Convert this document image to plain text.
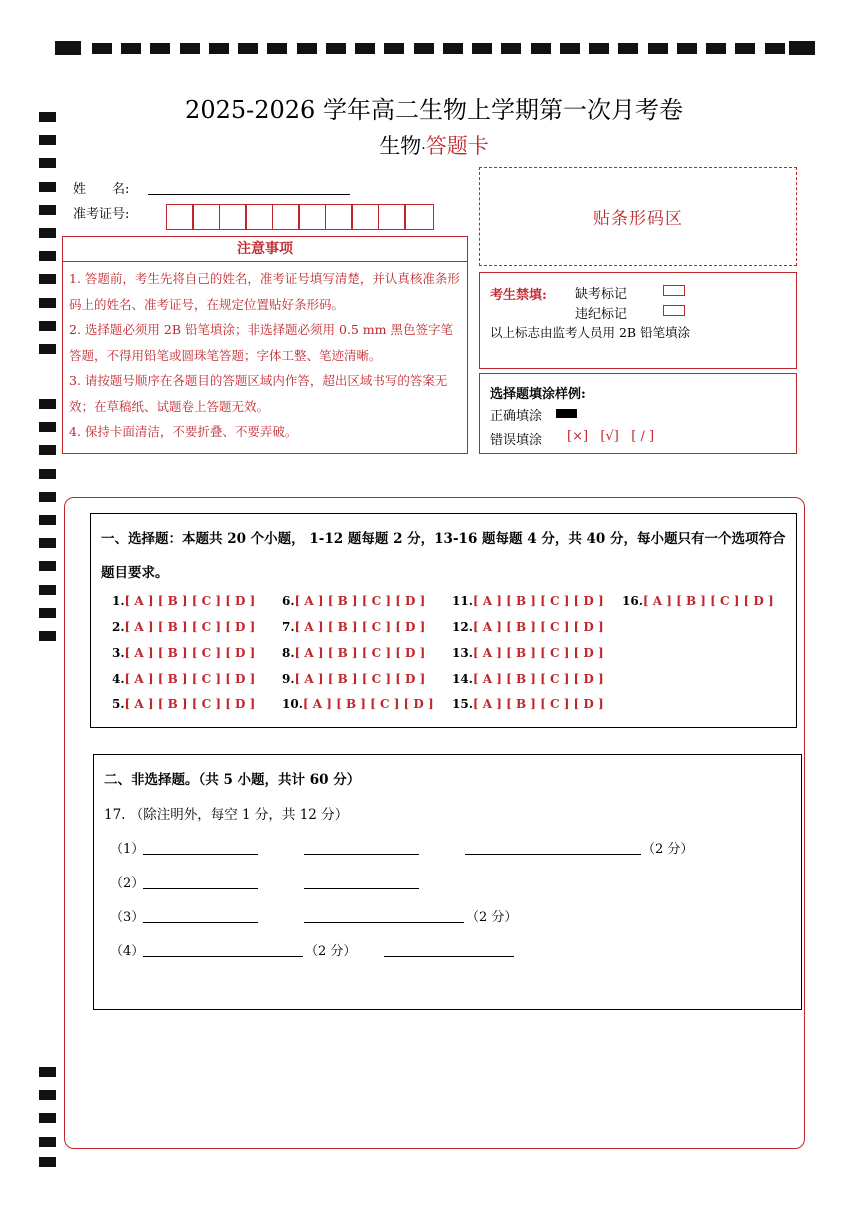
2025-2026 学年高二生物上学期第一次月考卷
生物·答题卡
姓　　名:
准考证号:	贴条形码区
注意事项

1. 答题前，考生先将自己的姓名，准考证号填写清楚，并认真核准条形码上的姓名、准考证号，在规定位置贴好条形码。

2. 选择题必须用 2B 铅笔填涂；非选择题必须用 0.5 mm 黑色签字笔答题，不得用铅笔或圆珠笔答题；字体工整、笔迹清晰。

3. 请按题号顺序在各题目的答题区域内作答，超出区域书写的答案无效；在草稿纸、试题卷上答题无效。

4. 保持卡面清洁，不要折叠、不要弄破。

考生禁填: 缺考标记
违纪标记
以上标志由监考人员用 2B 铅笔填涂
选择题填涂样例:
正确填涂
错误填涂 [×]   [√]   [ / ]
一、选择题：本题共 20 个小题， 1-12 题每题 2 分，13-16 题每题 4 分，共 40 分，每小题只有一个选项符合题目要求。
1.[ A ] [ B ] [ C ] [ D ]
2.[ A ] [ B ] [ C ] [ D ]
3.[ A ] [ B ] [ C ] [ D ]
4.[ A ] [ B ] [ C ] [ D ]
5.[ A ] [ B ] [ C ] [ D ]
6.[ A ] [ B ] [ C ] [ D ]
7.[ A ] [ B ] [ C ] [ D ]
8.[ A ] [ B ] [ C ] [ D ]
9.[ A ] [ B ] [ C ] [ D ]
10.[ A ] [ B ] [ C ] [ D ]
11.[ A ] [ B ] [ C ] [ D ]
12.[ A ] [ B ] [ C ] [ D ]
13.[ A ] [ B ] [ C ] [ D ]
14.[ A ] [ B ] [ C ] [ D ]
15.[ A ] [ B ] [ C ] [ D ]
16.[ A ] [ B ] [ C ] [ D ]
二、非选择题。（共 5 小题，共计 60 分）
17. （除注明外，每空 1 分，共 12 分）
（1）	（2 分）
（2）
（3）	（2 分）
（4）	（2 分）
